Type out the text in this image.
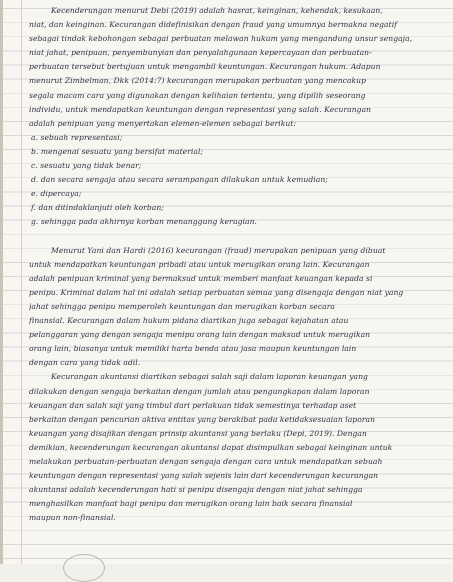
Kecenderungan menurut Debi (2019) adalah hasrat, keinginan, kehendak, kesukaan,
niat, dan keinginan. Kecurangan didefinisikan dengan fraud yang umumnya bermakna negatif
sebagai tindak kebohongan sebagai perbuatan melawan hukum yang mengandung unsur sengaja,
niat jahat, penipuan, penyembunyian dan penyalahgunaan kepercayaan dan perbuatan-
perbuatan tersebut bertujuan untuk mengambil keuntungan. Kecurangan hukum. Adapun
menurut Zimbelman, Dkk (2014:7) kecurangan merupakan perbuatan yang mencakup
segala macam cara yang digunakan dengan kelihaian tertentu, yang dipilih seseorang
individu, untuk mendapatkan keuntungan dengan representasi yang salah. Kecurangan
adalah penipuan yang menyertakan elemen-elemen sebagai berikut:
a. sebuah representasi;
b. mengenai sesuatu yang bersifat material;
c. sesuatu yang tidak benar;
d. dan secara sengaja atau secara serampangan dilakukan untuk kemudian;
e. dipercaya;
f. dan ditindaklanjuti oleh korban;
g. sehingga pada akhirnya korban menanggung kerugian.
Menurut Yani dan Hardi (2016) kecurangan (fraud) merupakan penipuan yang dibuat
untuk mendapatkan keuntungan pribadi atau untuk merugikan orang lain. Kecurangan
adalah penipuan kriminal yang bermaksud untuk memberi manfaat keuangan kepada si
penipu. Kriminal dalam hal ini adalah setiap perbuatan semua yang disengaja dengan niat yang
jahat sehingga penipu memperoleh keuntungan dan merugikan korban secara
finansial. Kecurangan dalam hukum pidana diartikan juga sebagai kejahatan atau
pelanggaran yang dengan sengaja menipu orang lain dengan maksud untuk merugikan
orang lain, biasanya untuk memiliki harta benda atau jasa maupun keuntungan lain
dengan cara yang tidak adil.
Kecurangan akuntansi diartikan sebagai salah saji dalam laporan keuangan yang
dilakukan dengan sengaja berkaitan dengan jumlah atau pengungkapan dalam laporan
keuangan dan salah saji yang timbul dari perlakuan tidak semestinya terhadap aset
berkaitan dengan pencurian aktiva entitas yang berakibat pada ketidaksesuaian laporan
keuangan yang disajikan dengan prinsip akuntansi yang berlaku (Depi, 2019). Dengan
demikian, kecenderungan kecurangan akuntansi dapat disimpulkan sebagai keinginan untuk
melakukan perbuatan-perbuatan dengan sengaja dengan cara untuk mendapatkan sebuah
keuntungan dengan representasi yang salah sejenis lain dari kecenderungan kecurangan
akuntansi adalah kecenderungan hati si penipu disengaja dengan niat jahat sehingga
menghasilkan manfaat bagi penipu dan merugikan orang lain baik secara finansial
maupun non-finansial.
